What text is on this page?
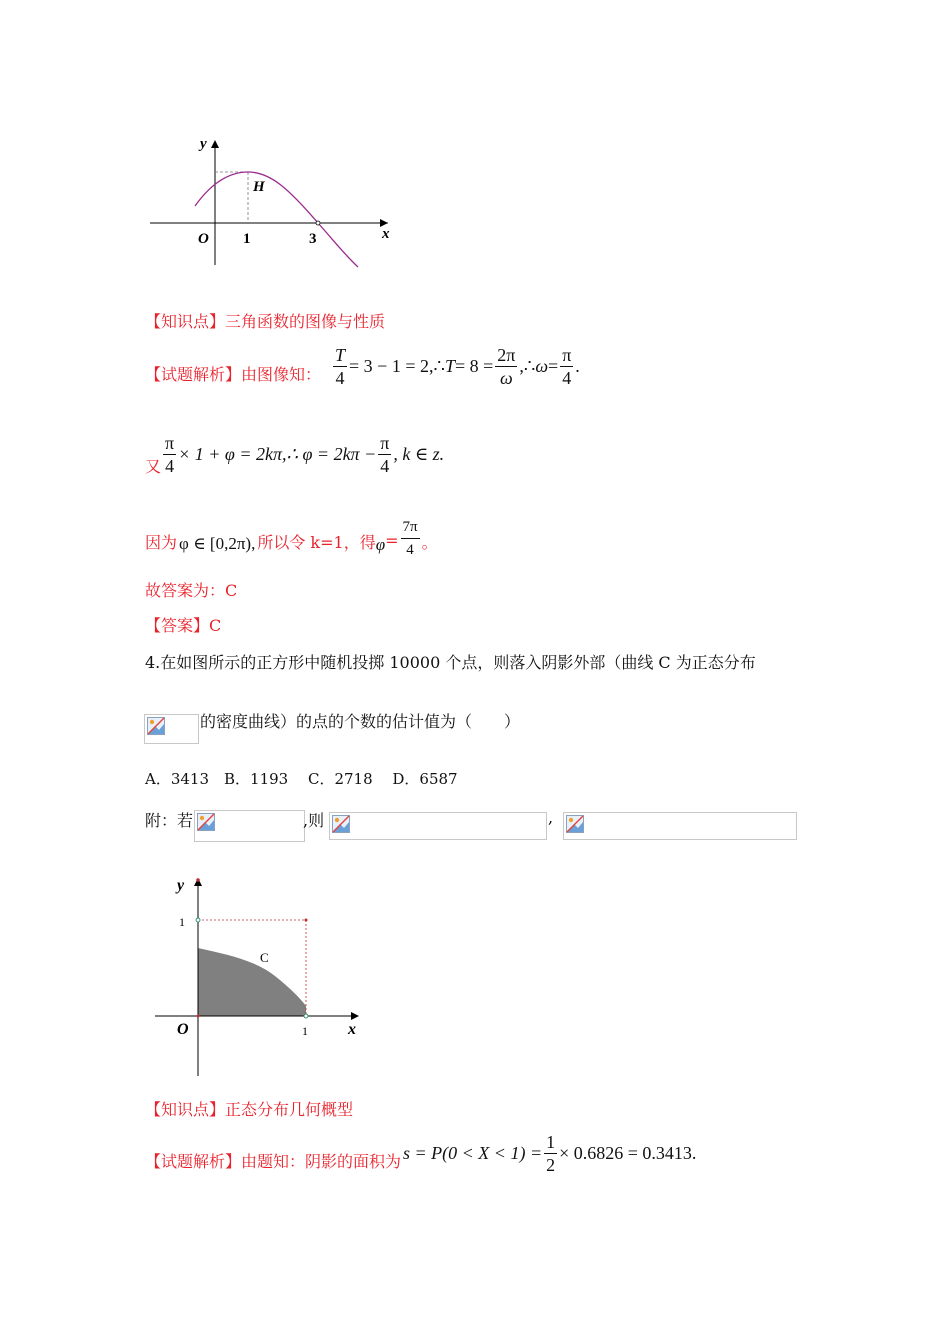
y
x
O 1	3
H
【知识点】三角函数的图像与性质
【试题解析】由图像知： $\frac{T}{4} = 3 - 1$ = 2,∴ $T = 8 = \frac{2\pi}{\omega}$ ,∴ $\omega = \frac{\pi}{4}$ .
又 $\frac{\pi}{4} \times 1 + \varphi$ = 2kπ,∴ $\varphi = 2k\pi - \frac{\pi}{4}$ , k ∈ z.
因为 φ ∈ [0,2π), 所以令 k=1，得 $\varphi = \frac{7\pi}{4}$ 。
故答案为：C
【答案】C
4.在如图所示的正方形中随机投掷 10000 个点，则落入阴影外部（曲线 C 为正态分布
的密度曲线）的点的个数的估计值为（　　）
A．3413　B．1193　 C．2718　 D．6587
附：若	,则	,
y
x
O
1
1
C
【知识点】正态分布几何概型
【试题解析】由题知：阴影的面积为 $s = P(0 < X < 1) = \frac{1}{2} \times 0.6826 = 0.3413$.
